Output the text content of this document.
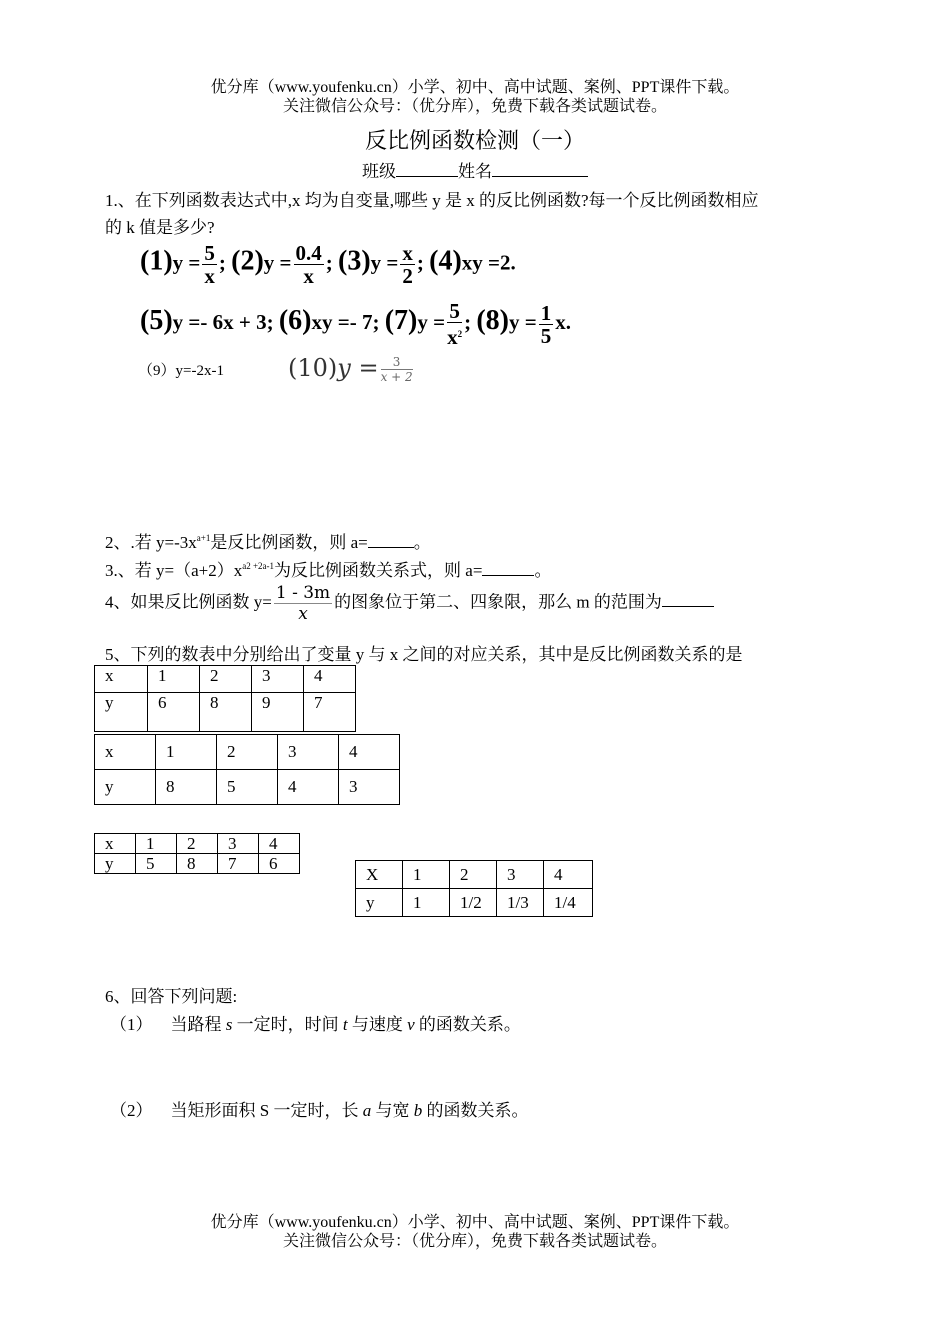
优分库（www.youfenku.cn）小学、初中、高中试题、案例、PPT课件下载。
关注微信公众号：（优分库），免费下载各类试题试卷。
反比例函数检测（一）
班级	姓名
1.、在下列函数表达式中,x 均为自变量,哪些 y 是 x 的反比例函数?每一个反比例函数相应
的 k 值是多少?
$(1)y = \frac{5}{x}$ ; $(2)y = \frac{0.4}{x}$ ; $(3)y = \frac{x}{2}$ ; (4)xy =2.
(5)y =- 6x + 3; (6)xy =- 7; $(7)y = \frac{5}{x^2}$ ; $(8)y = \frac{1}{5} x$.
（9）y=-2x-1	$(10)y = \frac{3}{x + 2}$
2、.若 $y=-3x^{a+1}$是反比例函数，则 a=	。
3.、若 $y=(a+2)x^{a2 +2a-1}$为反比例函数关系式，则 a=	。
4、如果反比例函数 $y= \frac{1 - 3m}{x}$ 的图象位于第二、四象限，那么 m 的范围为
5、下列的数表中分别给出了变量 y 与 x 之间的对应关系，其中是反比例函数关系的是
x	1	2	3	4
y	6	8	9	7
x	1	2	3	4
y	8	5	4	3
x	1	2	3	4
y	5	8	7	6
X	1	2	3	4
y	1	1/2	1/3	1/4
6、回答下列问题:
（1） 当路程 s 一定时，时间 t 与速度 v 的函数关系。
（2） 当矩形面积 S 一定时，长 a 与宽 b 的函数关系。
优分库（www.youfenku.cn）小学、初中、高中试题、案例、PPT课件下载。
关注微信公众号：（优分库），免费下载各类试题试卷。
